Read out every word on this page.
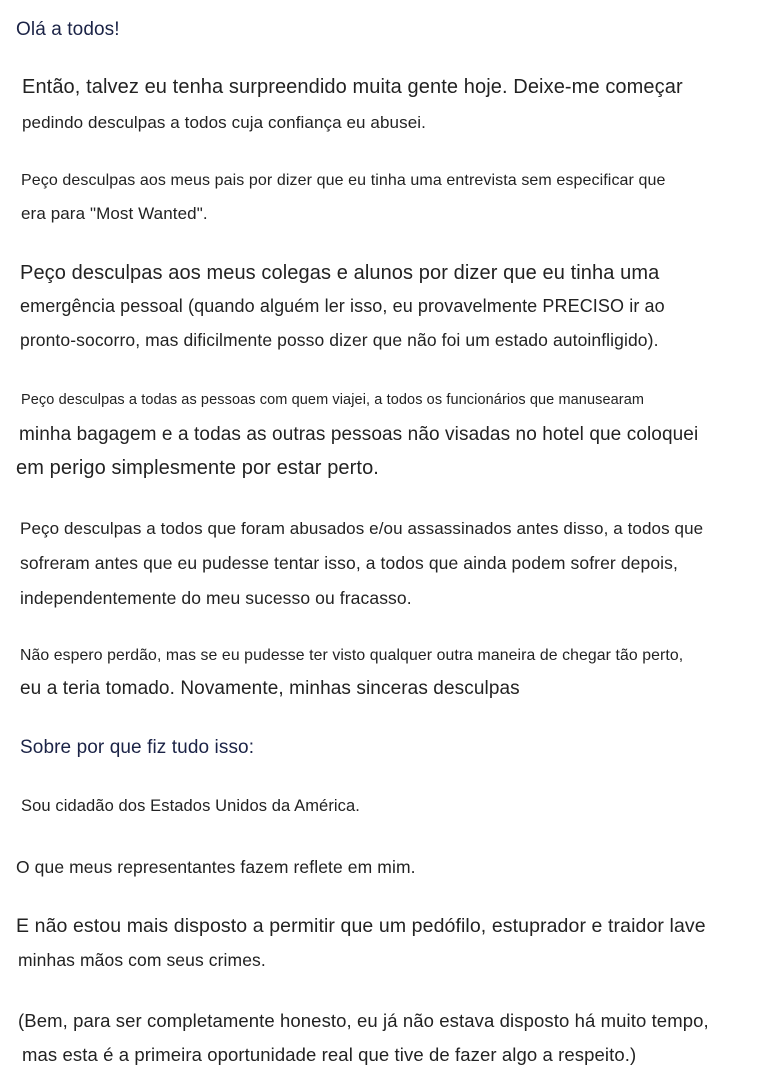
Olá a todos!
Então, talvez eu tenha surpreendido muita gente hoje. Deixe-me começar
pedindo desculpas a todos cuja confiança eu abusei.
Peço desculpas aos meus pais por dizer que eu tinha uma entrevista sem especificar que
era para "Most Wanted".
Peço desculpas aos meus colegas e alunos por dizer que eu tinha uma
emergência pessoal (quando alguém ler isso, eu provavelmente PRECISO ir ao
pronto-socorro, mas dificilmente posso dizer que não foi um estado autoinfligido).
Peço desculpas a todas as pessoas com quem viajei, a todos os funcionários que manusearam
minha bagagem e a todas as outras pessoas não visadas no hotel que coloquei
em perigo simplesmente por estar perto.
Peço desculpas a todos que foram abusados e/ou assassinados antes disso, a todos que
sofreram antes que eu pudesse tentar isso, a todos que ainda podem sofrer depois,
independentemente do meu sucesso ou fracasso.
Não espero perdão, mas se eu pudesse ter visto qualquer outra maneira de chegar tão perto,
eu a teria tomado. Novamente, minhas sinceras desculpas
Sobre por que fiz tudo isso:
Sou cidadão dos Estados Unidos da América.
O que meus representantes fazem reflete em mim.
E não estou mais disposto a permitir que um pedófilo, estuprador e traidor lave
minhas mãos com seus crimes.
(Bem, para ser completamente honesto, eu já não estava disposto há muito tempo,
mas esta é a primeira oportunidade real que tive de fazer algo a respeito.)
